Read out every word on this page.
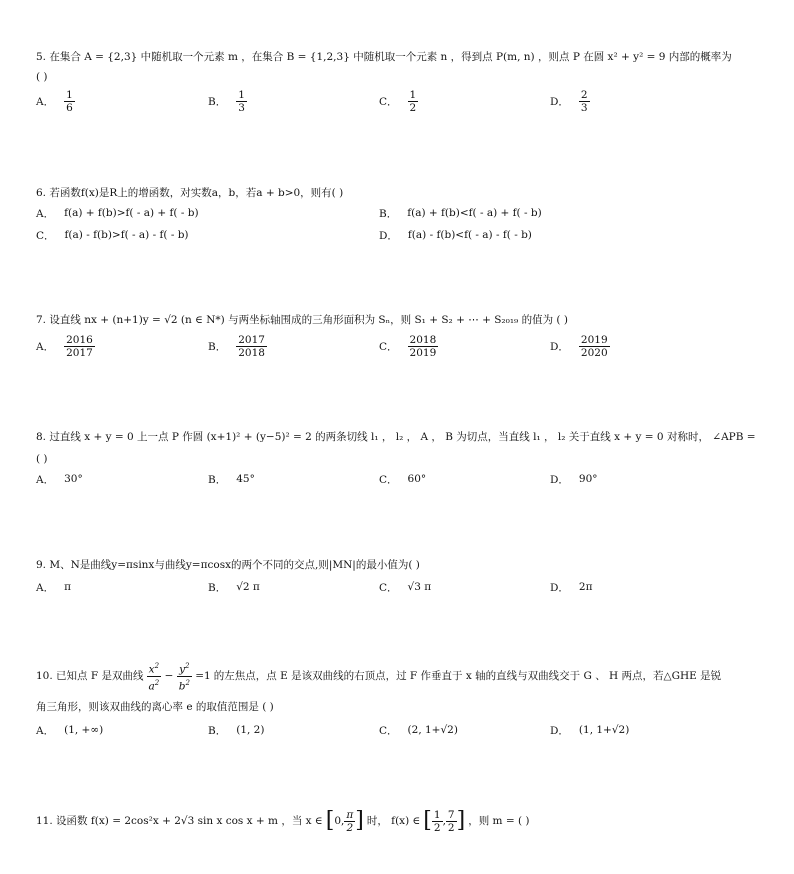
5. 在集合 A = {2,3} 中随机取一个元素 m ，在集合 B = {1,2,3} 中随机取一个元素 n ，得到点 P(m, n) ，则点 P 在圆 x² + y² = 9 内部的概率为
( )
A． $\frac{1}{6}$	B． $\frac{1}{3}$	C． $\frac{1}{2}$	D． $\frac{2}{3}$
6. 若函数f(x)是R上的增函数，对实数a，b，若a + b>0，则有( )
A． f(a) + f(b)>f( - a) + f( - b)	B． f(a) + f(b)<f( - a) + f( - b)
C． f(a) - f(b)>f( - a) - f( - b)	D． f(a) - f(b)<f( - a) - f( - b)
7. 设直线 nx + (n+1)y = √2 (n ∈ N*) 与两坐标轴围成的三角形面积为 Sₙ，则 S₁ + S₂ + ⋯ + S₂₀₁₉ 的值为 ( )
A． $\frac{2016}{2017}$	B． $\frac{2017}{2018}$	C． $\frac{2018}{2019}$	D． $\frac{2019}{2020}$
8. 过直线 x + y = 0 上一点 P 作圆 (x+1)² + (y−5)² = 2 的两条切线 l₁ ， l₂ ， A ， B 为切点，当直线 l₁ ， l₂ 关于直线 x + y = 0 对称时， ∠APB =
( )
A． 30°	B． 45°	C． 60°	D． 90°
9. M、N是曲线y=πsinx与曲线y=πcosx的两个不同的交点,则|MN|的最小值为( )
A． π	B． √2 π	C． √3 π	D． 2π
10. 已知点 F 是双曲线 $\frac{x^2}{a^2} - \frac{y^2}{b^2} =1$ 的左焦点，点 E 是该双曲线的右顶点，过 F 作垂直于 x 轴的直线与双曲线交于 G 、 H 两点，若△GHE 是锐
角三角形，则该双曲线的离心率 e 的取值范围是 ( )
A． (1, +∞)	B． (1, 2)	C． (2, 1+√2)	D． (1, 1+√2)
11. 设函数 f(x) = 2cos²x + 2√3 sin x cos x + m ，当 x ∈ [ 0, $\frac{\pi}{2}$ ] 时， f(x) ∈ [ $\frac{1}{2}$ , $\frac{7}{2}$ ] ，则 m = ( )
